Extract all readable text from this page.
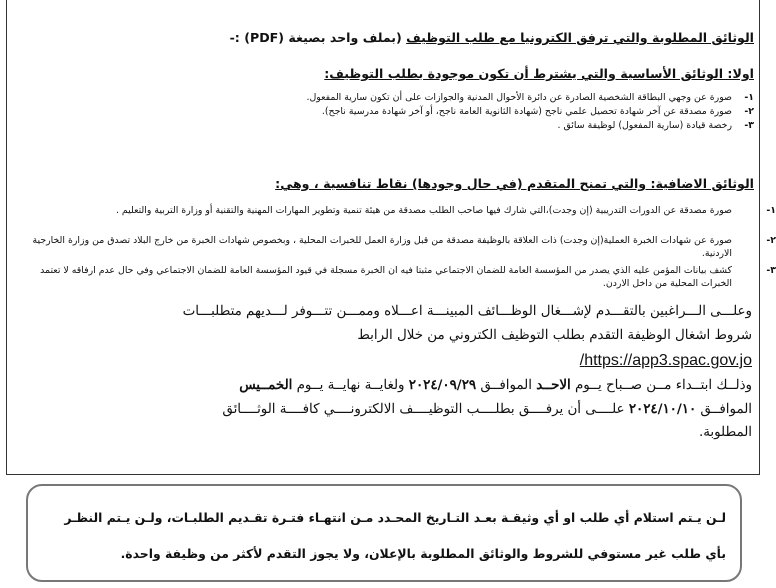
الوثائق المطلوبة والتي ترفق الكترونيا مع طلب التوظيف (بملف واحد بصيغة (PDF) :-
اولا: الوثائق الأساسية والتي يشترط أن تكون موجودة بطلب التوظيف:
١-صورة عن وجهي البطاقة الشخصية الصادرة عن دائرة الأحوال المدنية والجوازات على أن تكون سارية المفعول.
٢-صورة مصدقة عن آخر شهادة تحصيل علمي ناجح (شهادة الثانوية العامة ناجح، أو آخر شهادة مدرسية ناجح).
٣-رخصة قيادة (سارية المفعول) لوظيفة سائق .
الوثائق الاضافية: والتي تمنح المتقدم (في حال وجودها) نقاط تنافسية ، وهي:
١-صورة مصدقة عن الدورات التدريبية (إن وجدت)،التي شارك فيها صاحب الطلب مصدقة من هيئة تنمية وتطوير المهارات المهنية والتقنية أو وزارة التربية والتعليم .
٢-صورة عن شهادات الخبرة العملية(إن وجدت) ذات العلاقة بالوظيفة مصدقة من قبل وزارة العمل للخبرات المحلية ، وبخصوص شهادات الخبرة من خارج البلاد تصدق من وزارة الخارجية الاردنية.
٣-كشف بيانات المؤمن عليه الذي يصدر من المؤسسة العامة للضمان الاجتماعي مثبتا فيه ان الخبرة مسجلة في قيود المؤسسة العامة للضمان الاجتماعي وفي حال عدم ارفاقه لا تعتمد الخبرات المحلية من داخل الاردن.
وعلـــى الـــراغبين بالتقـــدم لإشـــغال الوظـــائف المبينـــة اعـــلاه وممـــن تتـــوفر لـــديهم متطلبـــات
شروط اشغال الوظيفة التقدم بطلب التوظيف الكتروني من خلال الرابط
https://app3.spac.gov.jo/
وذلــك ابتــداء مــن صــباح يــوم الاحــد الموافــق ٢٠٢٤/٠٩/٢٩ ولغايــة نهايــة يــوم الخمــيس
الموافــق ٢٠٢٤/١٠/١٠ علــــى أن يرفــــق بطلــــب التوظيــــف الالكترونــــي كافــــة الوثــــائق
المطلوبة.

لـن يـتم استلام أي طلب او أي وثيقـة بعـد التـاريخ المحـدد مـن انتهـاء فتـرة تقـديم الطلبـات، ولـن يـتم النظـر

بأي طلب غير مستوفي للشروط والوثائق المطلوبة بالإعلان، ولا يجوز التقدم لأكثر من وظيفة واحدة.
